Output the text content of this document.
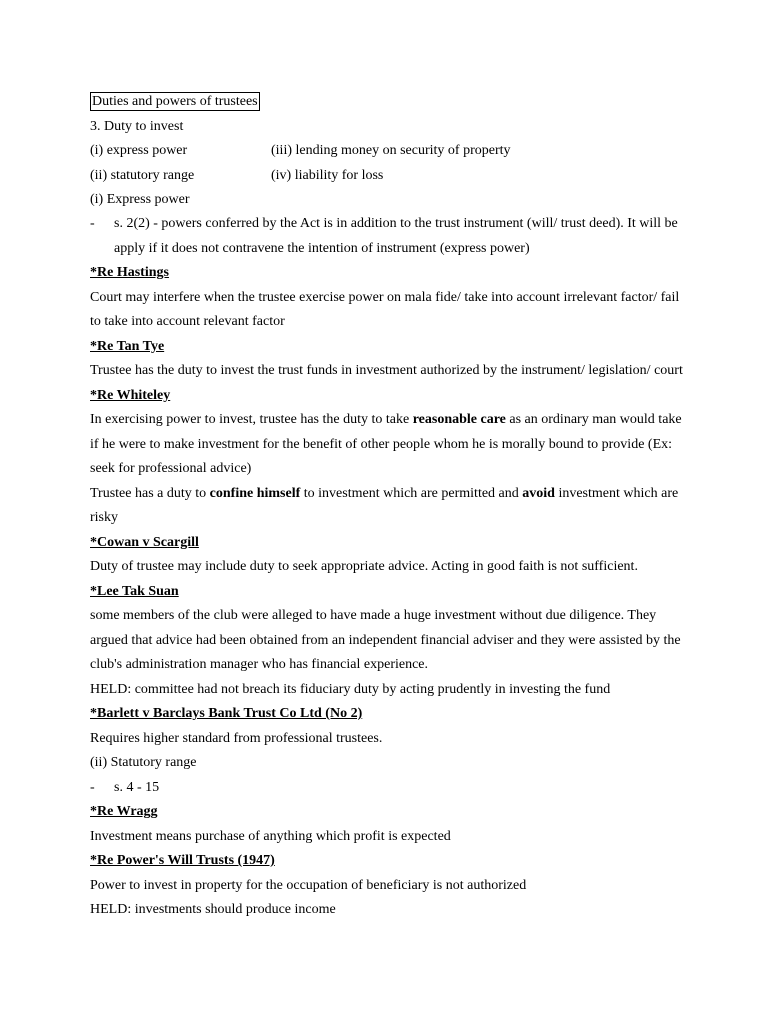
Duties and powers of trustees
3. Duty to invest
(i) express power	(iii) lending money on security of property
(ii) statutory range	(iv) liability for loss
(i) Express power
- s. 2(2) - powers conferred by the Act is in addition to the trust instrument (will/ trust deed). It will be
apply if it does not contravene the intention of instrument (express power)
*Re Hastings
Court may interfere when the trustee exercise power on mala fide/ take into account irrelevant factor/ fail
to take into account relevant factor
*Re Tan Tye
Trustee has the duty to invest the trust funds in investment authorized by the instrument/ legislation/ court
*Re Whiteley
In exercising power to invest, trustee has the duty to take reasonable care as an ordinary man would take
if he were to make investment for the benefit of other people whom he is morally bound to provide (Ex:
seek for professional advice)
Trustee has a duty to confine himself to investment which are permitted and avoid investment which are
risky
*Cowan v Scargill
Duty of trustee may include duty to seek appropriate advice. Acting in good faith is not sufficient.
*Lee Tak Suan
some members of the club were alleged to have made a huge investment without due diligence. They
argued that advice had been obtained from an independent financial adviser and they were assisted by the
club's administration manager who has financial experience.
HELD: committee had not breach its fiduciary duty by acting prudently in investing the fund
*Barlett v Barclays Bank Trust Co Ltd (No 2)
Requires higher standard from professional trustees.
(ii) Statutory range
- s. 4 - 15
*Re Wragg
Investment means purchase of anything which profit is expected
*Re Power's Will Trusts (1947)
Power to invest in property for the occupation of beneficiary is not authorized
HELD: investments should produce income
